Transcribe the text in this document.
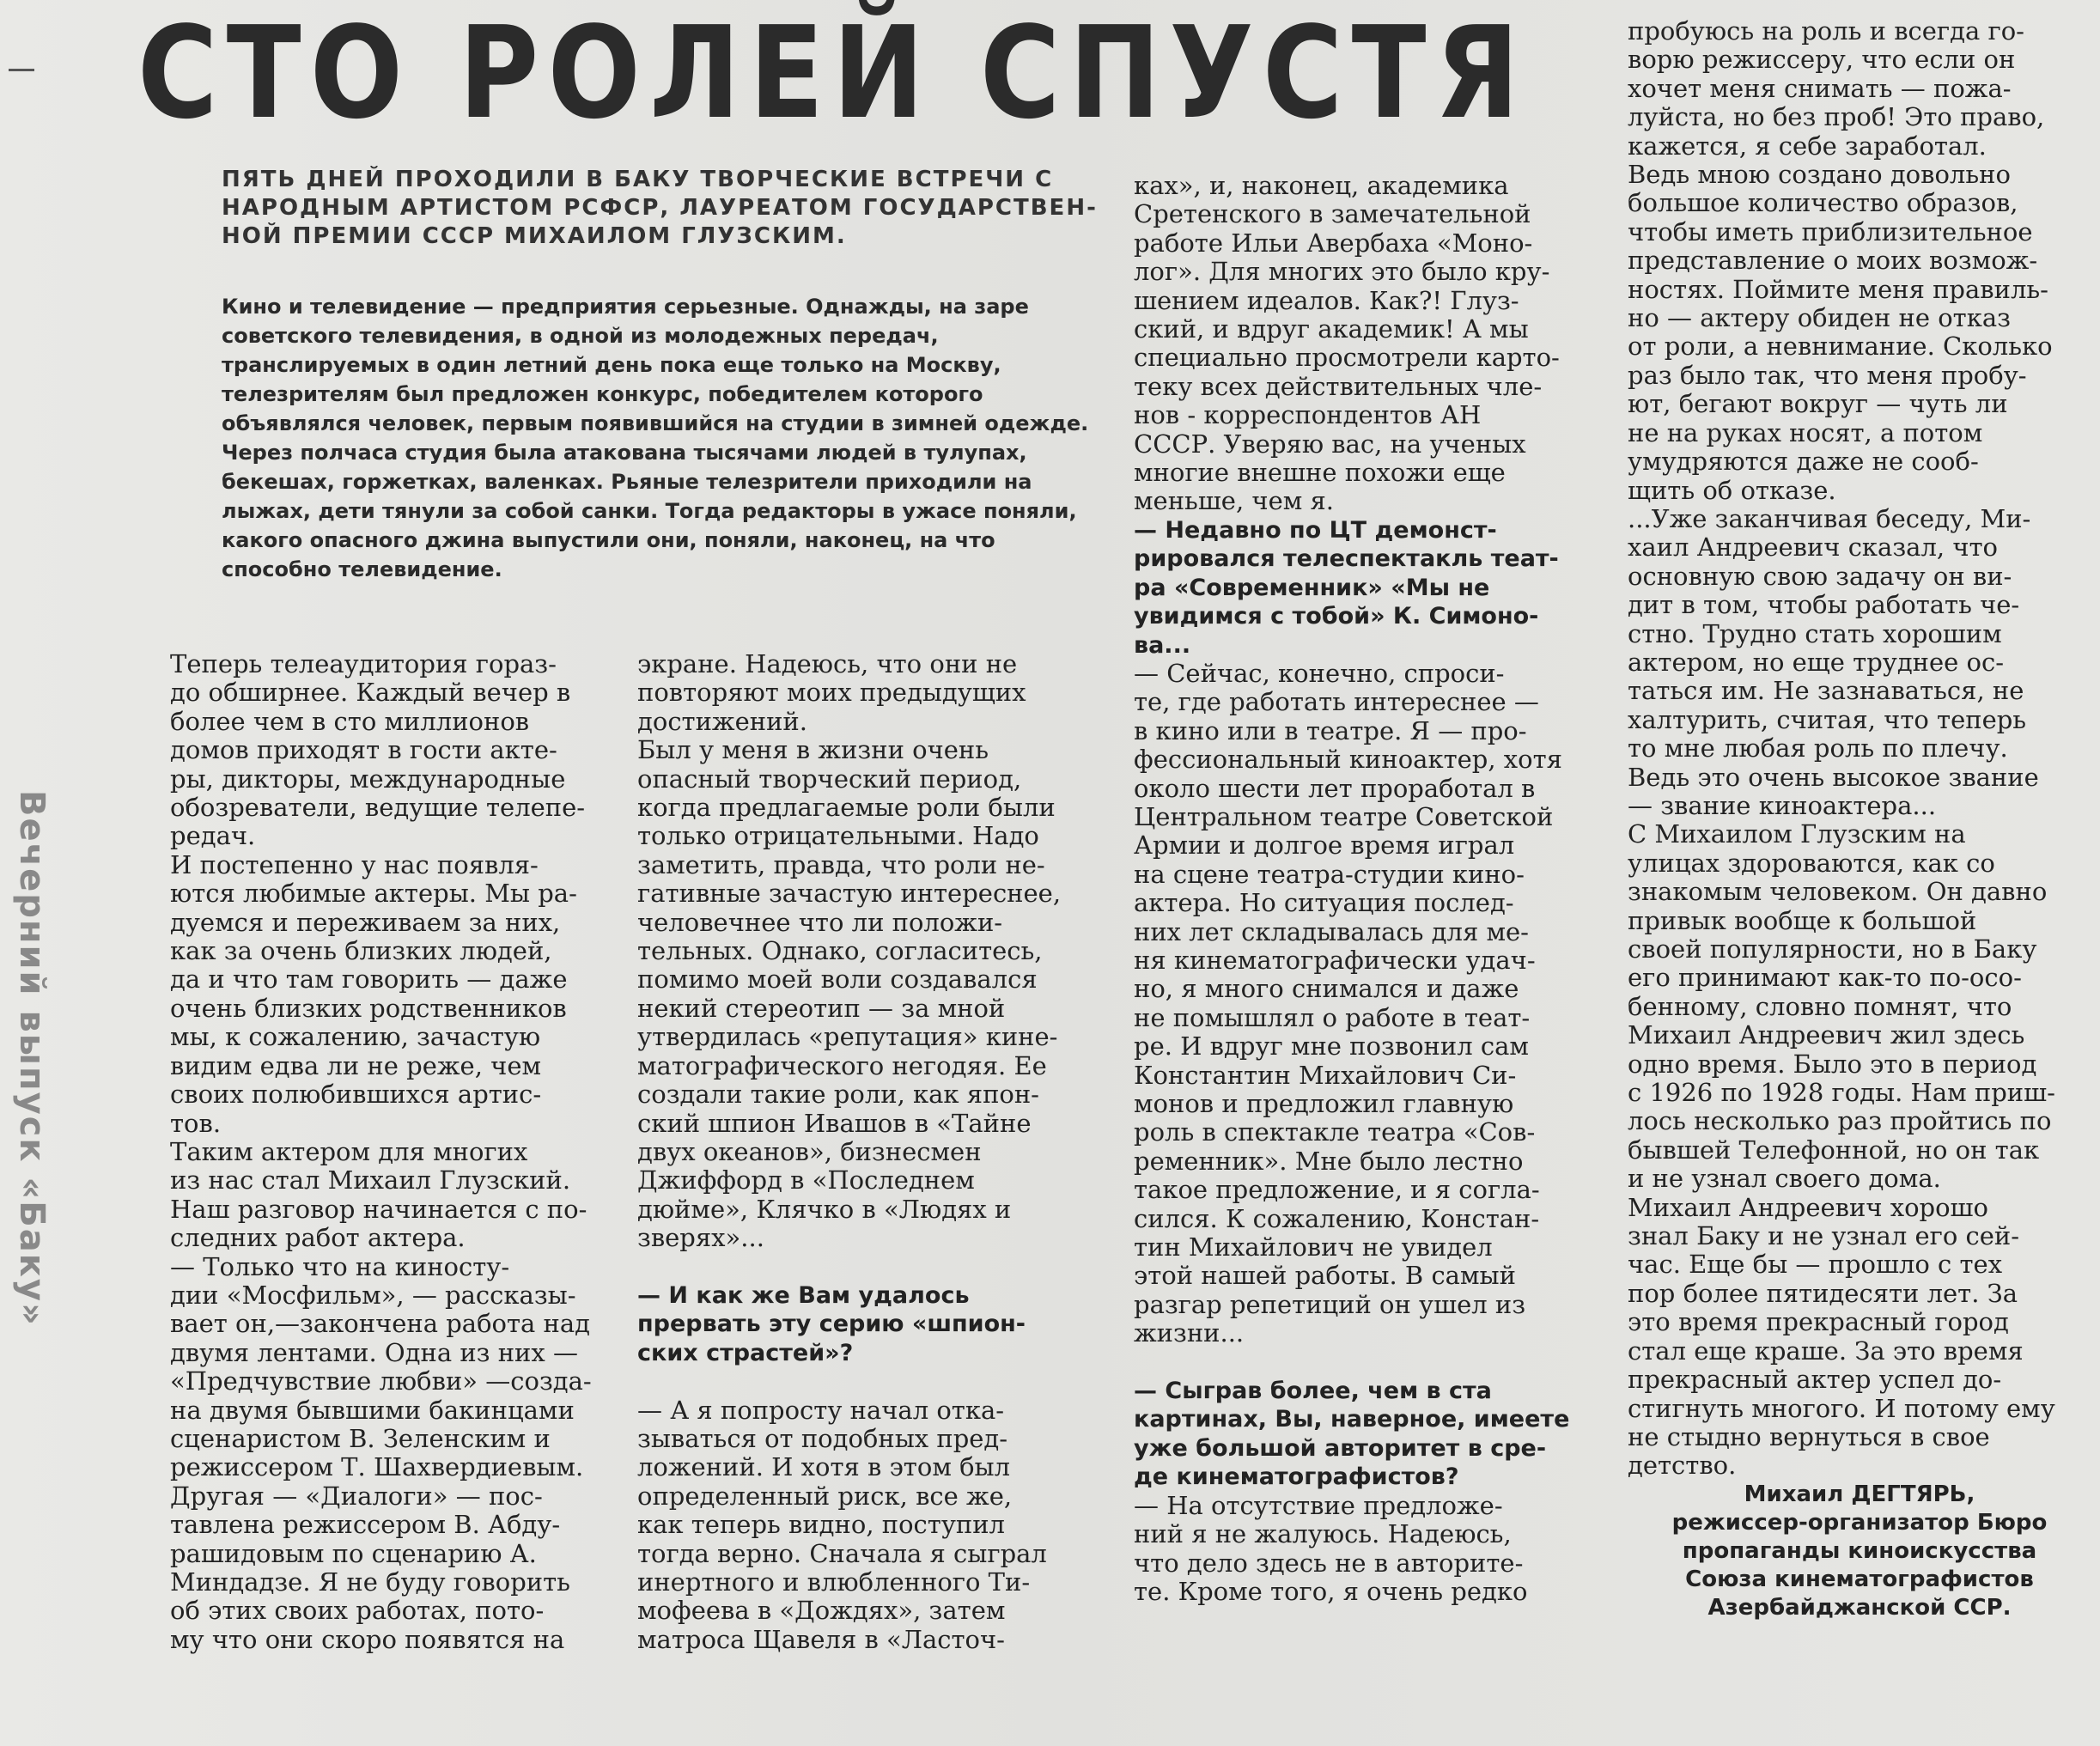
СТО РОЛЕЙ СПУСТЯ
ПЯТЬ ДНЕЙ ПРОХОДИЛИ В БАКУ ТВОРЧЕСКИЕ ВСТРЕЧИ С
НАРОДНЫМ АРТИСТОМ РСФСР, ЛАУРЕАТОМ ГОСУДАРСТВЕН-
НОЙ ПРЕМИИ СССР МИХАИЛОМ ГЛУЗСКИМ.
Кино и телевидение — предприятия серьезные. Однажды, на заре советского телевидения, в одной из молодежных передач, транслируемых в один летний день пока еще только на Москву, телезрителям был предложен конкурс, победителем которого объявлялся человек, первым появившийся на студии в зимней одежде. Через полчаса студия была атакована тысячами людей в тулупах, бекешах, горжетках, валенках. Рьяные телезрители приходили на лыжах, дети тянули за собой санки. Тогда редакторы в ужасе поняли, какого опасного джина выпустили они, поняли, наконец, на что способно телевидение.
Вечерний выпуск «Баку»
Теперь телеаудитория гораз-
до обширнее. Каждый вечер в
более чем в сто миллионов
домов приходят в гости акте-
ры, дикторы, международные
обозреватели, ведущие телепе-
редач.
И постепенно у нас появля-
ются любимые актеры. Мы ра-
дуемся и переживаем за них,
как за очень близких людей,
да и что там говорить — даже
очень близких родственников
мы, к сожалению, зачастую
видим едва ли не реже, чем
своих полюбившихся артис-
тов.
Таким актером для многих
из нас стал Михаил Глузский.
Наш разговор начинается с по-
следних работ актера.
— Только что на киносту-
дии «Мосфильм», — рассказы-
вает он,—закончена работа над
двумя лентами. Одна из них —
«Предчувствие любви» —созда-
на двумя бывшими бакинцами
сценаристом В. Зеленским и
режиссером Т. Шахвердиевым.
Другая — «Диалоги» — пос-
тавлена режиссером В. Абду-
рашидовым по сценарию А.
Миндадзе. Я не буду говорить
об этих своих работах, пото-
му что они скоро появятся на
экране. Надеюсь, что они не
повторяют моих предыдущих
достижений.
Был у меня в жизни очень
опасный творческий период,
когда предлагаемые роли были
только отрицательными. Надо
заметить, правда, что роли не-
гативные зачастую интереснее,
человечнее что ли положи-
тельных. Однако, согласитесь,
помимо моей воли создавался
некий стереотип — за мной
утвердилась «репутация» кине-
матографического негодяя. Ее
создали такие роли, как япон-
ский шпион Ивашов в «Тайне
двух океанов», бизнесмен
Джиффорд в «Последнем
дюйме», Клячко в «Людях и
зверях»...

— И как же Вам удалось
прервать эту серию «шпион-
ских страстей»?

— А я попросту начал отка-
зываться от подобных пред-
ложений. И хотя в этом был
определенный риск, все же,
как теперь видно, поступил
тогда верно. Сначала я сыграл
инертного и влюбленного Ти-
мофеева в «Дождях», затем
матроса Щавеля в «Ласточ-
ках», и, наконец, академика
Сретенского в замечательной
работе Ильи Авербаха «Моно-
лог». Для многих это было кру-
шением идеалов. Как?! Глуз-
ский, и вдруг академик! А мы
специально просмотрели карто-
теку всех действительных чле-
нов - корреспондентов АН
СССР. Уверяю вас, на ученых
многие внешне похожи еще
меньше, чем я.
— Недавно по ЦТ демонст-
рировался телеспектакль теат-
ра «Современник» «Мы не
увидимся с тобой» К. Симоно-
ва...
— Сейчас, конечно, спроси-
те, где работать интереснее —
в кино или в театре. Я — про-
фессиональный киноактер, хотя
около шести лет проработал в
Центральном театре Советской
Армии и долгое время играл
на сцене театра-студии кино-
актера. Но ситуация послед-
них лет складывалась для ме-
ня кинематографически удач-
но, я много снимался и даже
не помышлял о работе в теат-
ре. И вдруг мне позвонил сам
Константин Михайлович Си-
монов и предложил главную
роль в спектакле театра «Сов-
ременник». Мне было лестно
такое предложение, и я согла-
сился. К сожалению, Констан-
тин Михайлович не увидел
этой нашей работы. В самый
разгар репетиций он ушел из
жизни...

— Сыграв более, чем в ста
картинах, Вы, наверное, имеете
уже большой авторитет в сре-
де кинематографистов?
— На отсутствие предложе-
ний я не жалуюсь. Надеюсь,
что дело здесь не в авторите-
те. Кроме того, я очень редко
пробуюсь на роль и всегда го-
ворю режиссеру, что если он
хочет меня снимать — пожа-
луйста, но без проб! Это право,
кажется, я себе заработал.
Ведь мною создано довольно
большое количество образов,
чтобы иметь приблизительное
представление о моих возмож-
ностях. Поймите меня правиль-
но — актеру обиден не отказ
от роли, а невнимание. Сколько
раз было так, что меня пробу-
ют, бегают вокруг — чуть ли
не на руках носят, а потом
умудряются даже не сооб-
щить об отказе.
...Уже заканчивая беседу, Ми-
хаил Андреевич сказал, что
основную свою задачу он ви-
дит в том, чтобы работать че-
стно. Трудно стать хорошим
актером, но еще труднее ос-
таться им. Не зазнаваться, не
халтурить, считая, что теперь
то мне любая роль по плечу.
Ведь это очень высокое звание
— звание киноактера...
С Михаилом Глузским на
улицах здороваются, как со
знакомым человеком. Он давно
привык вообще к большой
своей популярности, но в Баку
его принимают как-то по-осо-
бенному, словно помнят, что
Михаил Андреевич жил здесь
одно время. Было это в период
с 1926 по 1928 годы. Нам приш-
лось несколько раз пройтись по
бывшей Телефонной, но он так
и не узнал своего дома.
Михаил Андреевич хорошо
знал Баку и не узнал его сей-
час. Еще бы — прошло с тех
пор более пятидесяти лет. За
это время прекрасный город
стал еще краше. За это время
прекрасный актер успел до-
стигнуть многого. И потому ему
не стыдно вернуться в свое
детство.
Михаил ДЕГТЯРЬ,
режиссер-организатор Бюро
пропаганды киноискусства
Союза кинематографистов
Азербайджанской ССР.
